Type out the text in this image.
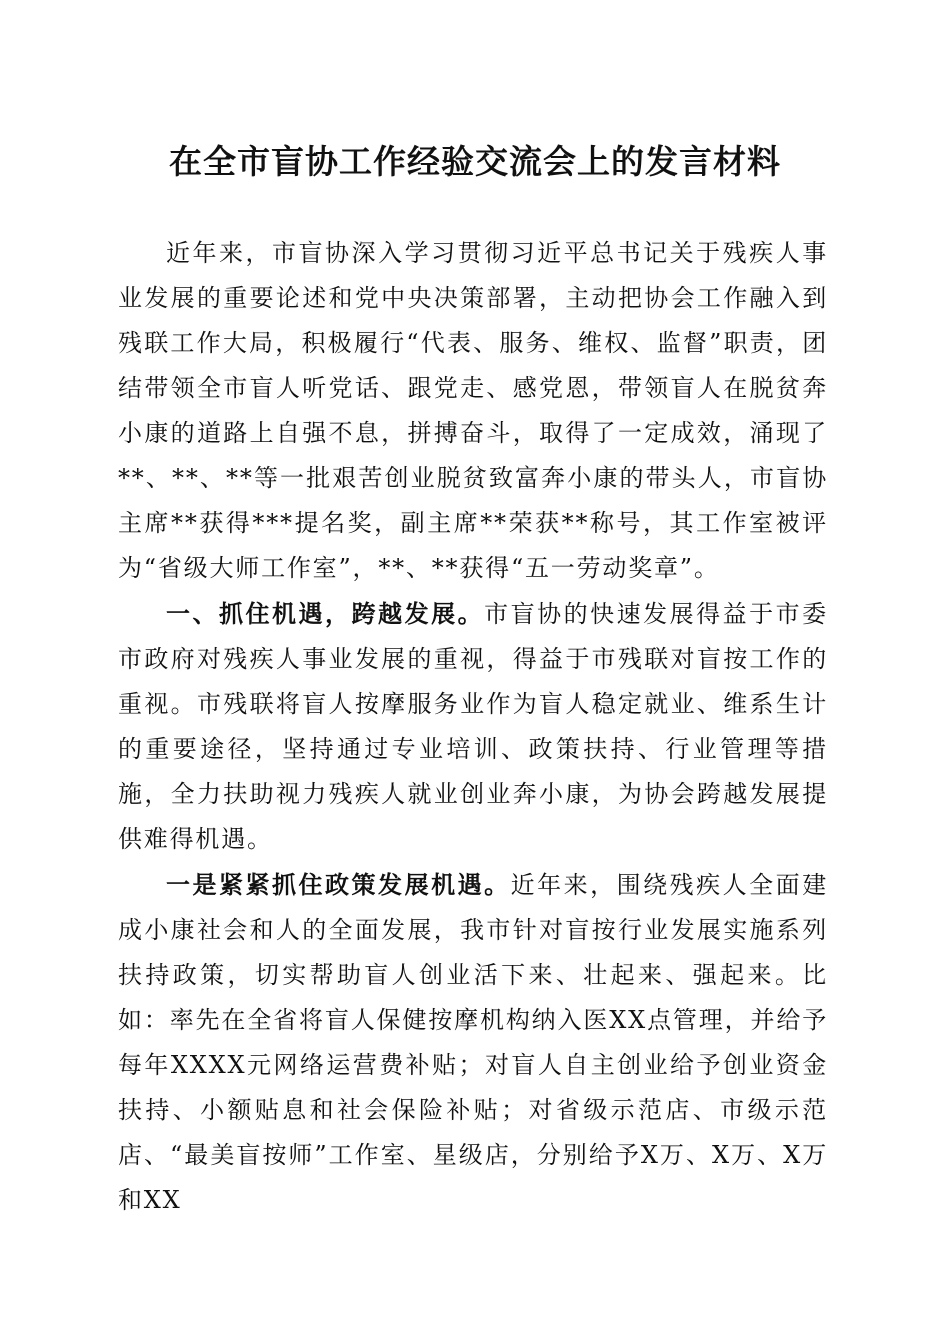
在全市盲协工作经验交流会上的发言材料

近年来，市盲协深入学习贯彻习近平总书记关于残疾人事业发展的重要论述和党中央决策部署，主动把协会工作融入到残联工作大局，积极履行“代表、服务、维权、监督”职责，团结带领全市盲人听党话、跟党走、感党恩，带领盲人在脱贫奔小康的道路上自强不息，拼搏奋斗，取得了一定成效，涌现了**、**、**等一批艰苦创业脱贫致富奔小康的带头人，市盲协主席**获得***提名奖，副主席**荣获**称号，其工作室被评为“省级大师工作室”，**、**获得“五一劳动奖章”。

一、抓住机遇，跨越发展。市盲协的快速发展得益于市委市政府对残疾人事业发展的重视，得益于市残联对盲按工作的重视。市残联将盲人按摩服务业作为盲人稳定就业、维系生计的重要途径，坚持通过专业培训、政策扶持、行业管理等措施，全力扶助视力残疾人就业创业奔小康，为协会跨越发展提供难得机遇。

一是紧紧抓住政策发展机遇。近年来，围绕残疾人全面建成小康社会和人的全面发展，我市针对盲按行业发展实施系列扶持政策，切实帮助盲人创业活下来、壮起来、强起来。比如：率先在全省将盲人保健按摩机构纳入医XX点管理，并给予每年XXXX元网络运营费补贴；对盲人自主创业给予创业资金扶持、小额贴息和社会保险补贴；对省级示范店、市级示范店、“最美盲按师”工作室、星级店，分别给予X万、X万、X万和XX
